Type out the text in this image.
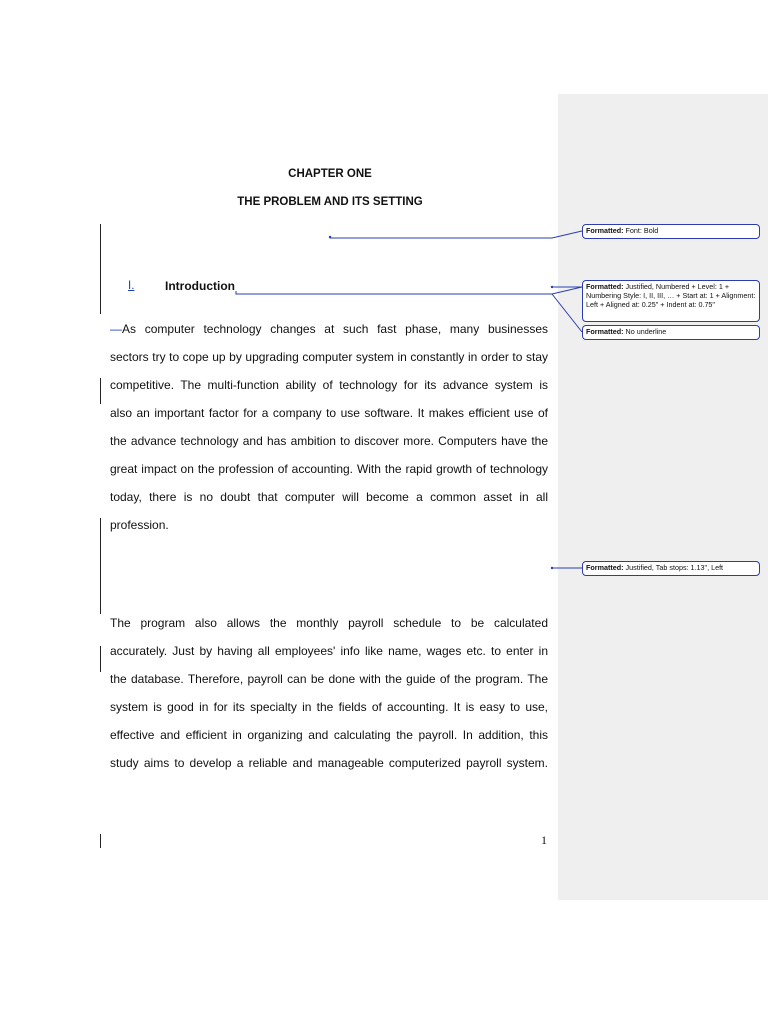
CHAPTER ONE
THE PROBLEM AND ITS SETTING
I.	Introduction
—As computer technology changes at such fast phase, many businesses
sectors try to cope up by upgrading computer system in constantly in order to stay
competitive. The multi-function ability of technology for its advance system is
also an important factor for a company to use software. It makes efficient use of
the advance technology and has ambition to discover more. Computers have the
great impact on the profession of accounting. With the rapid growth of technology
today, there is no doubt that computer will become a common asset in all
profession.
The program also allows the monthly payroll schedule to be calculated
accurately. Just by having all employees' info like name, wages etc. to enter in
the database. Therefore, payroll can be done with the guide of the program. The
system is good in for its specialty in the fields of accounting. It is easy to use,
effective and efficient in organizing and calculating the payroll. In addition, this
study aims to develop a reliable and manageable computerized payroll system.
1
Formatted: Font: Bold
Formatted: Justified, Numbered + Level: 1 + Numbering Style: I, II, III, … + Start at: 1 + Alignment: Left + Aligned at: 0.25" + Indent at: 0.75"
Formatted: No underline
Formatted: Justified, Tab stops: 1.13", Left
